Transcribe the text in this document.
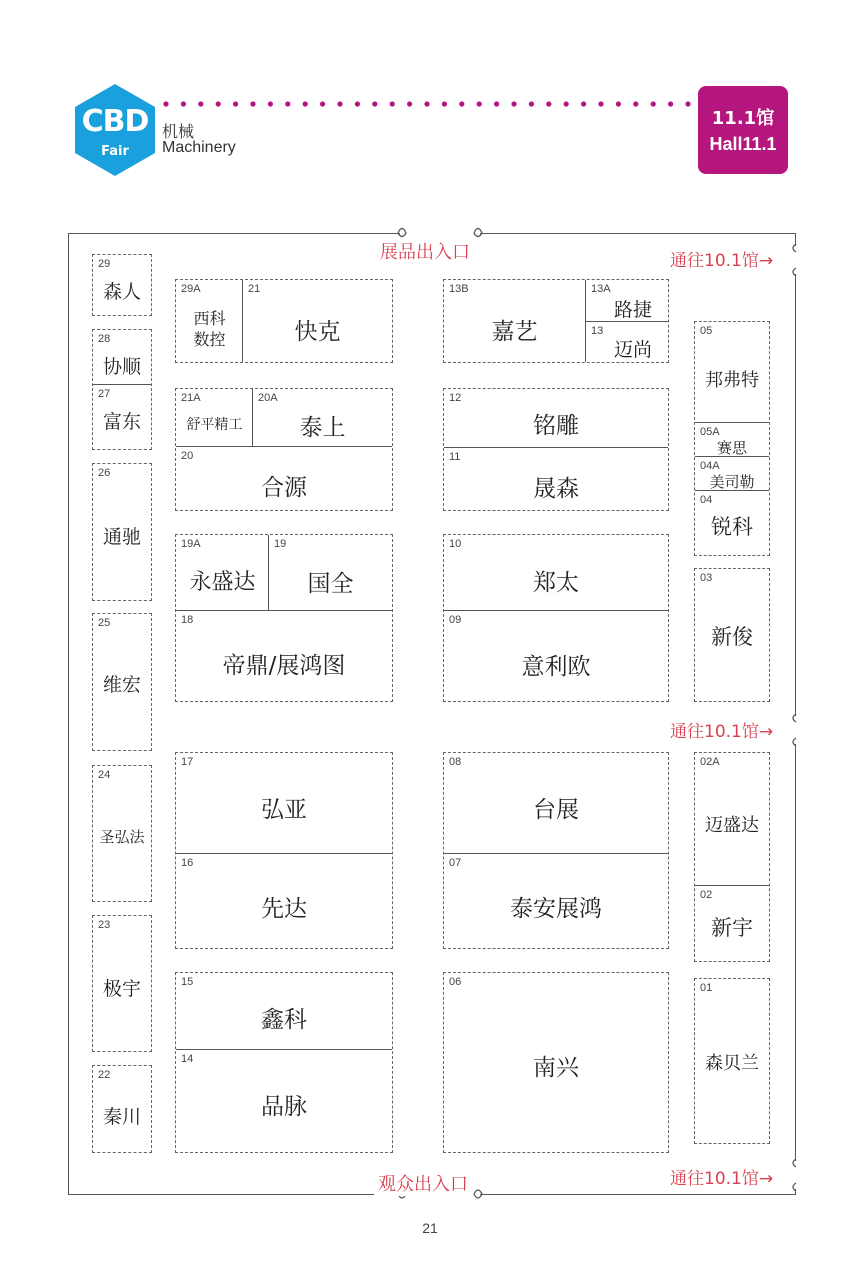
CBD
Fair
机械
Machinery
11.1馆
Hall11.1
展品出入口
观众出入口
通往10.1馆→
通往10.1馆→
通往10.1馆→
29
森人
28
协顺
27
富东
26
通驰
25
维宏
24
圣弘法
23
极宇
22
秦川
29A
西科
数控
21
快克
21A
舒平精工
20A
泰上
20
合源
19A
永盛达
19
国全
18
帝鼎/展鸿图
17
弘亚
16
先达
15
鑫科
14
品脉
13B
嘉艺
13A
路捷
13
迈尚
12
铭雕
11
晟森
10
郑太
09
意利欧
08
台展
07
泰安展鸿
06
南兴
05
邦弗特
05A
赛思
04A
美司勒
04
锐科
03
新俊
02A
迈盛达
02
新宇
01
森贝兰
21
